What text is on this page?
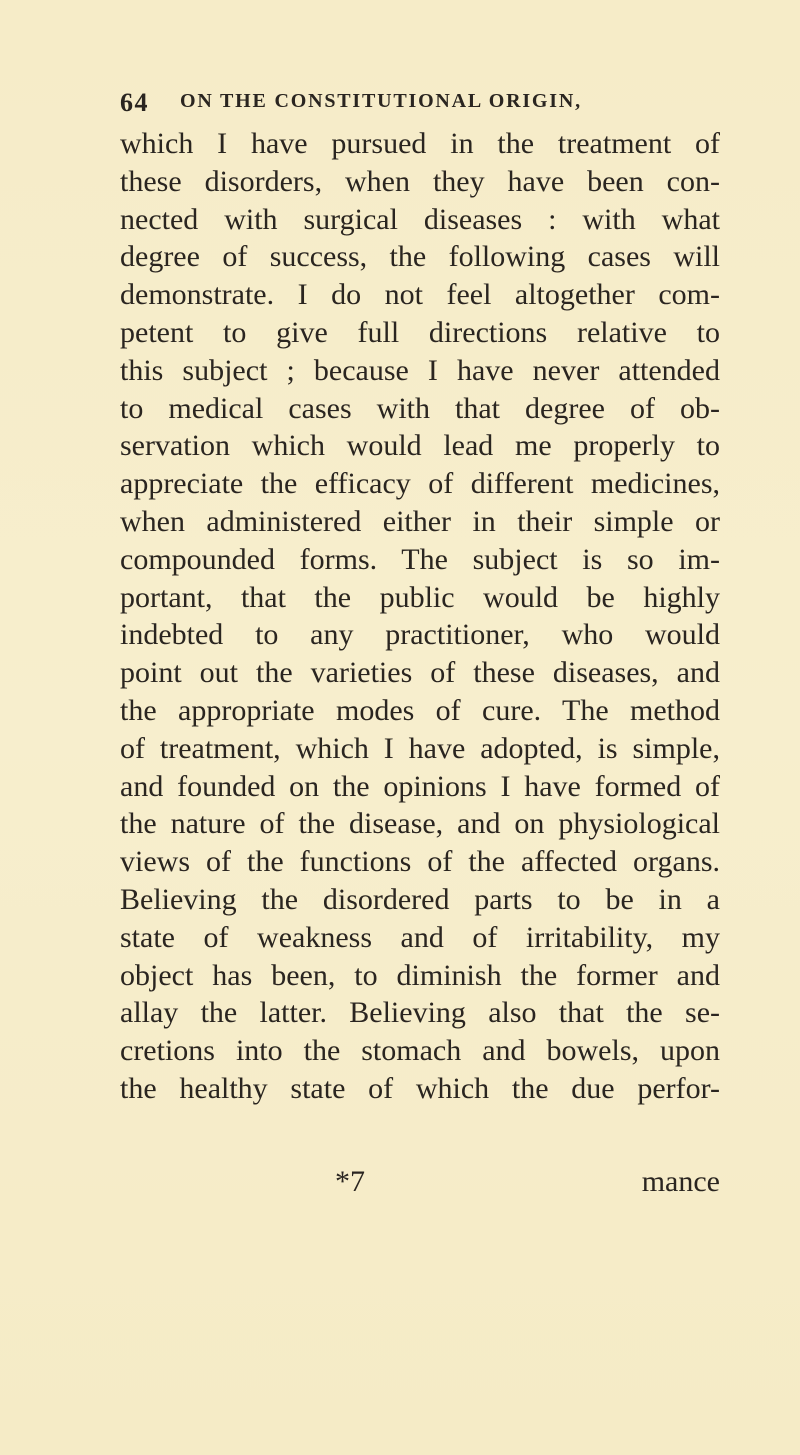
64 ON THE CONSTITUTIONAL ORIGIN,
which I have pursued in the treatment of
these disorders, when they have been con-
nected with surgical diseases : with what
degree of success, the following cases will
demonstrate. I do not feel altogether com-
petent to give full directions relative to
this subject ; because I have never attended
to medical cases with that degree of ob-
servation which would lead me properly to
appreciate the efficacy of different medicines,
when administered either in their simple or
compounded forms. The subject is so im-
portant, that the public would be highly
indebted to any practitioner, who would
point out the varieties of these diseases, and
the appropriate modes of cure. The method
of treatment, which I have adopted, is simple,
and founded on the opinions I have formed of
the nature of the disease, and on physiological
views of the functions of the affected organs.
Believing the disordered parts to be in a
state of weakness and of irritability, my
object has been, to diminish the former and
allay the latter. Believing also that the se-
cretions into the stomach and bowels, upon
the healthy state of which the due perfor-
*7	mance
